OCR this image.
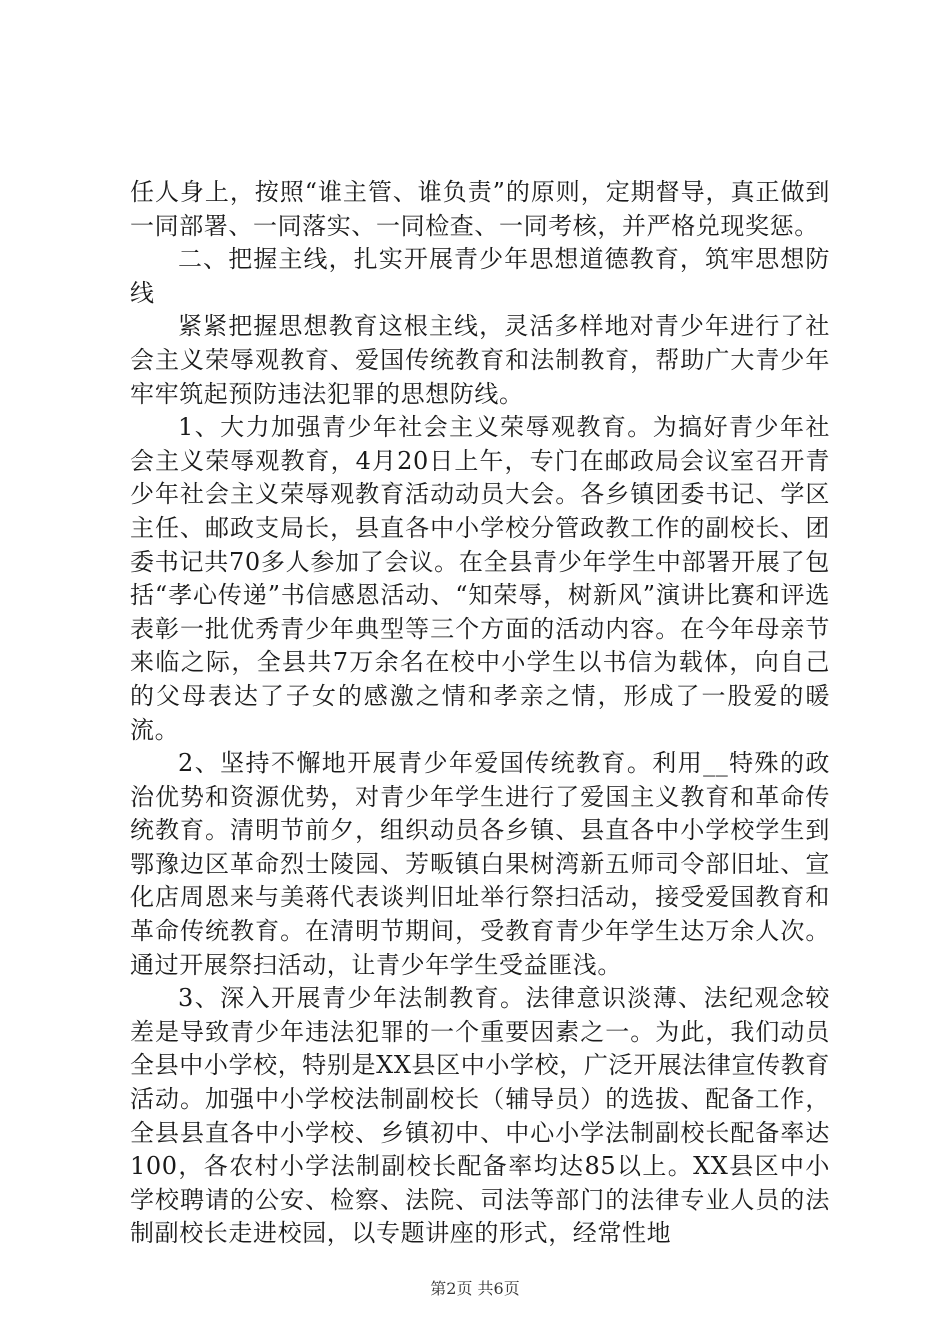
任人身上，按照“谁主管、谁负责”的原则，定期督导，真正做到一同部署、一同落实、一同检查、一同考核，并严格兑现奖惩。

二、把握主线，扎实开展青少年思想道德教育，筑牢思想防线

紧紧把握思想教育这根主线，灵活多样地对青少年进行了社会主义荣辱观教育、爱国传统教育和法制教育，帮助广大青少年牢牢筑起预防违法犯罪的思想防线。

1、大力加强青少年社会主义荣辱观教育。为搞好青少年社会主义荣辱观教育，4月20日上午，专门在邮政局会议室召开青少年社会主义荣辱观教育活动动员大会。各乡镇团委书记、学区主任、邮政支局长，县直各中小学校分管政教工作的副校长、团委书记共70多人参加了会议。在全县青少年学生中部署开展了包括“孝心传递”书信感恩活动、“知荣辱，树新风”演讲比赛和评选表彰一批优秀青少年典型等三个方面的活动内容。在今年母亲节来临之际，全县共7万余名在校中小学生以书信为载体，向自己的父母表达了子女的感激之情和孝亲之情，形成了一股爱的暖流。

2、坚持不懈地开展青少年爱国传统教育。利用__特殊的政治优势和资源优势，对青少年学生进行了爱国主义教育和革命传统教育。清明节前夕，组织动员各乡镇、县直各中小学校学生到鄂豫边区革命烈士陵园、芳畈镇白果树湾新五师司令部旧址、宣化店周恩来与美蒋代表谈判旧址举行祭扫活动，接受爱国教育和革命传统教育。在清明节期间，受教育青少年学生达万余人次。通过开展祭扫活动，让青少年学生受益匪浅。

3、深入开展青少年法制教育。法律意识淡薄、法纪观念较差是导致青少年违法犯罪的一个重要因素之一。为此，我们动员全县中小学校，特别是XX县区中小学校，广泛开展法律宣传教育活动。加强中小学校法制副校长（辅导员）的选拔、配备工作，全县县直各中小学校、乡镇初中、中心小学法制副校长配备率达100，各农村小学法制副校长配备率均达85以上。XX县区中小学校聘请的公安、检察、法院、司法等部门的法律专业人员的法制副校长走进校园，以专题讲座的形式，经常性地

第2页 共6页
